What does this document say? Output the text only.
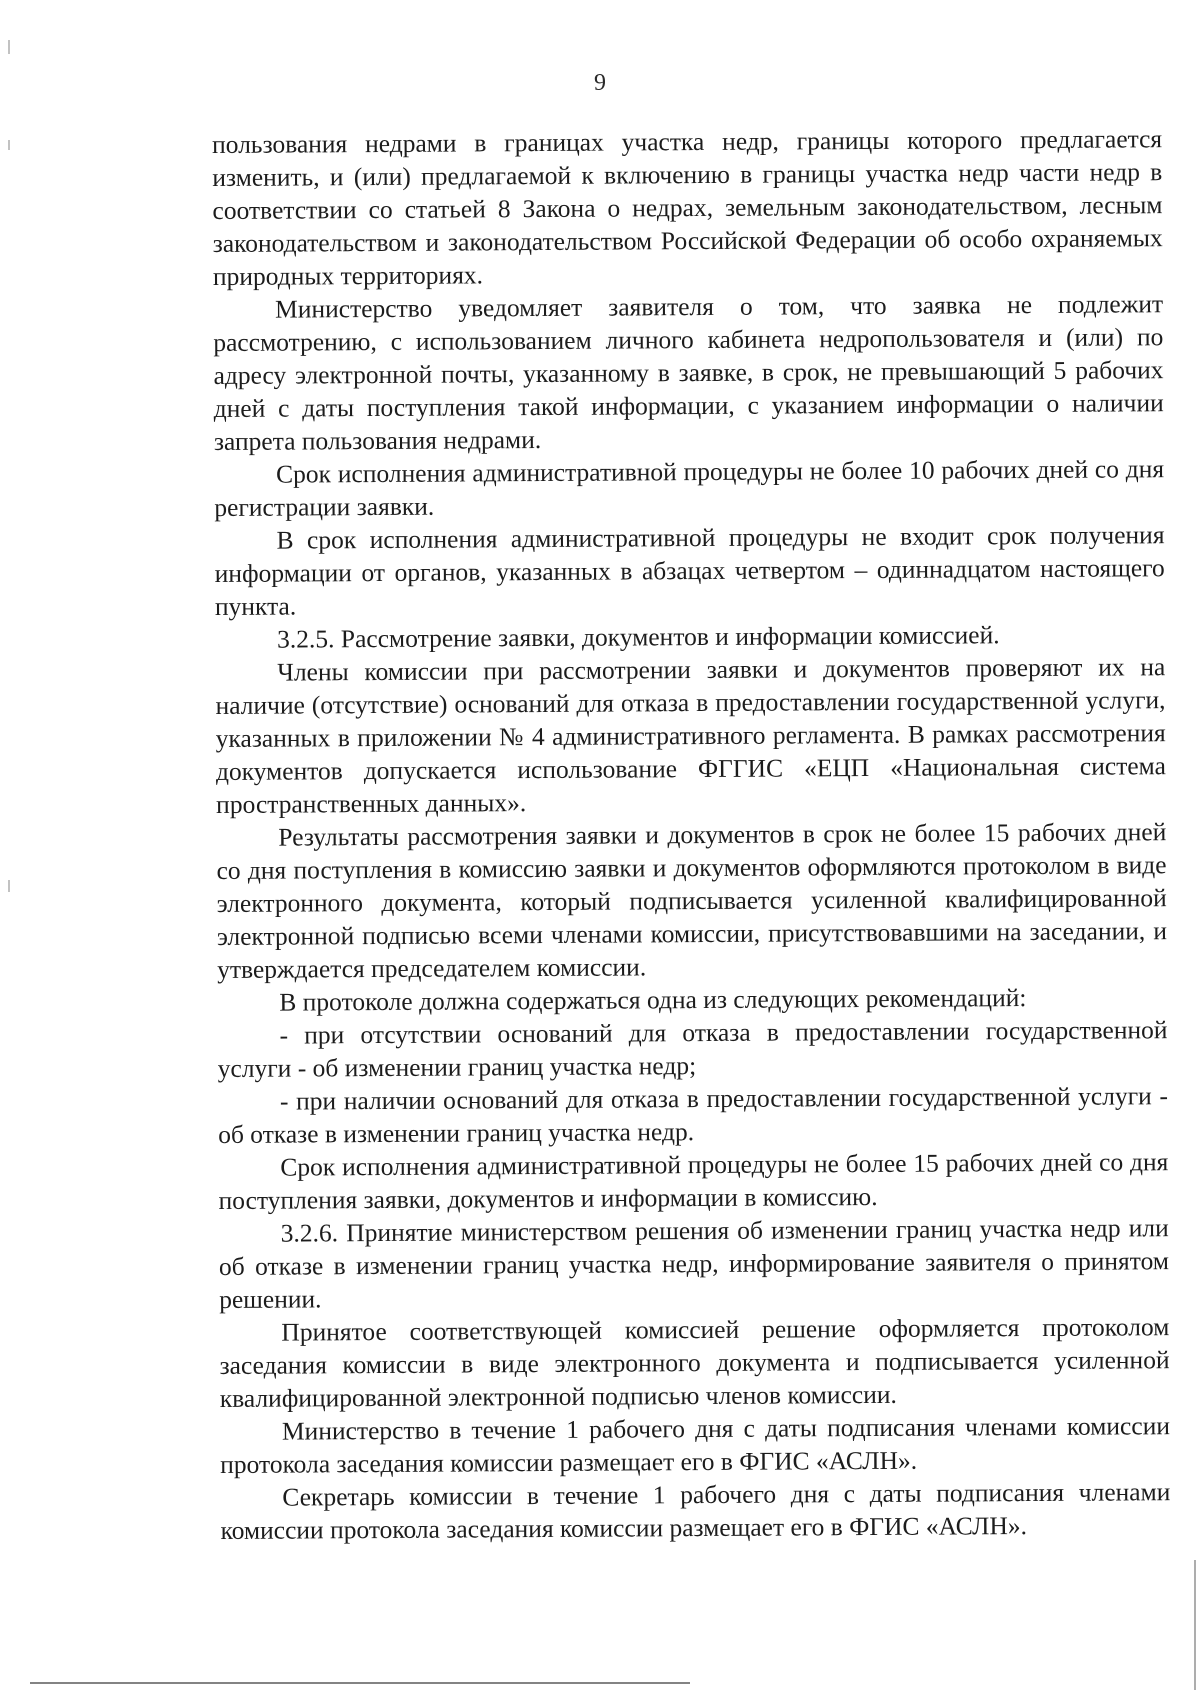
9

пользования недрами в границах участка недр, границы которого предлагается изменить, и (или) предлагаемой к включению в границы участка недр части недр в соответствии со статьей 8 Закона о недрах, земельным законодательством, лесным законодательством и законодательством Российской Федерации об особо охраняемых природных территориях.

Министерство уведомляет заявителя о том, что заявка не подлежит рассмотрению, с использованием личного кабинета недропользователя и (или) по адресу электронной почты, указанному в заявке, в срок, не превышающий 5 рабочих дней с даты поступления такой информации, с указанием информации о наличии запрета пользования недрами.

Срок исполнения административной процедуры не более 10 рабочих дней со дня регистрации заявки.

В срок исполнения административной процедуры не входит срок получения информации от органов, указанных в абзацах четвертом – одиннадцатом настоящего пункта.

3.2.5. Рассмотрение заявки, документов и информации комиссией.

Члены комиссии при рассмотрении заявки и документов проверяют их на наличие (отсутствие) оснований для отказа в предоставлении государственной услуги, указанных в приложении № 4 административного регламента. В рамках рассмотрения документов допускается использование ФГГИС «ЕЦП «Национальная система пространственных данных».

Результаты рассмотрения заявки и документов в срок не более 15 рабочих дней со дня поступления в комиссию заявки и документов оформляются протоколом в виде электронного документа, который подписывается усиленной квалифицированной электронной подписью всеми членами комиссии, присутствовавшими на заседании, и утверждается председателем комиссии.

В протоколе должна содержаться одна из следующих рекомендаций:

- при отсутствии оснований для отказа в предоставлении государственной услуги - об изменении границ участка недр;

- при наличии оснований для отказа в предоставлении государственной услуги - об отказе в изменении границ участка недр.

Срок исполнения административной процедуры не более 15 рабочих дней со дня поступления заявки, документов и информации в комиссию.

3.2.6. Принятие министерством решения об изменении границ участка недр или об отказе в изменении границ участка недр, информирование заявителя о принятом решении.

Принятое соответствующей комиссией решение оформляется протоколом заседания комиссии в виде электронного документа и подписывается усиленной квалифицированной электронной подписью членов комиссии.

Министерство в течение 1 рабочего дня с даты подписания членами комиссии протокола заседания комиссии размещает его в ФГИС «АСЛН».

Секретарь комиссии в течение 1 рабочего дня с даты подписания членами комиссии протокола заседания комиссии размещает его в ФГИС «АСЛН».
